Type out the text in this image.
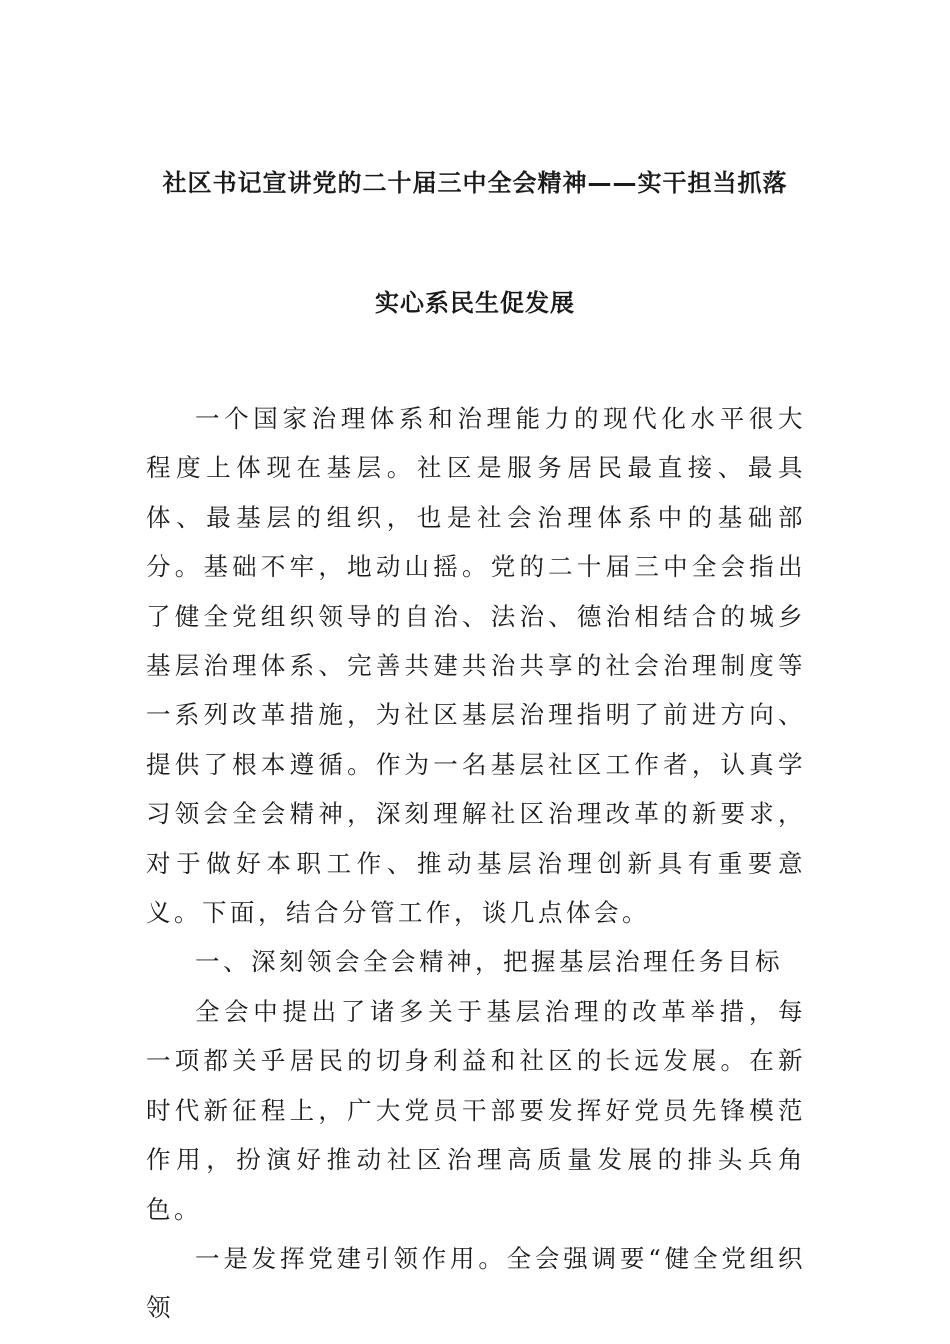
社区书记宣讲党的二十届三中全会精神——实干担当抓落
实心系民生促发展

一个国家治理体系和治理能力的现代化水平很大程度上体现在基层。社区是服务居民最直接、最具体、最基层的组织，也是社会治理体系中的基础部分。基础不牢，地动山摇。党的二十届三中全会指出了健全党组织领导的自治、法治、德治相结合的城乡基层治理体系、完善共建共治共享的社会治理制度等一系列改革措施，为社区基层治理指明了前进方向、提供了根本遵循。作为一名基层社区工作者，认真学习领会全会精神，深刻理解社区治理改革的新要求，对于做好本职工作、推动基层治理创新具有重要意义。下面，结合分管工作，谈几点体会。

一、深刻领会全会精神，把握基层治理任务目标

全会中提出了诸多关于基层治理的改革举措，每一项都关乎居民的切身利益和社区的长远发展。在新时代新征程上，广大党员干部要发挥好党员先锋模范作用，扮演好推动社区治理高质量发展的排头兵角色。

一是发挥党建引领作用。全会强调要“健全党组织领
